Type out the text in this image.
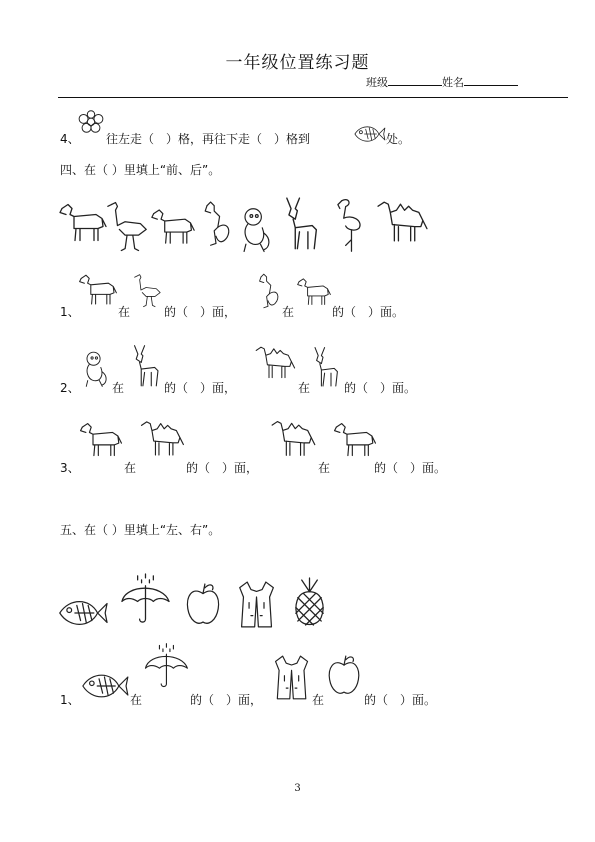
一年级位置练习题
班级	姓名
4、 往左走（　）格，再往下走（　）格到	处。
四、在（ ）里填上“前、后”。
1、	在	的（　）面，	在	的（　）面。
2、	在	的（　）面，	在	的（　）面。
3、	在	的（　）面，	在	的（　）面。
五、在（ ）里填上“左、右”。
1、	在	的（　）面，	在	的（　）面。
3
